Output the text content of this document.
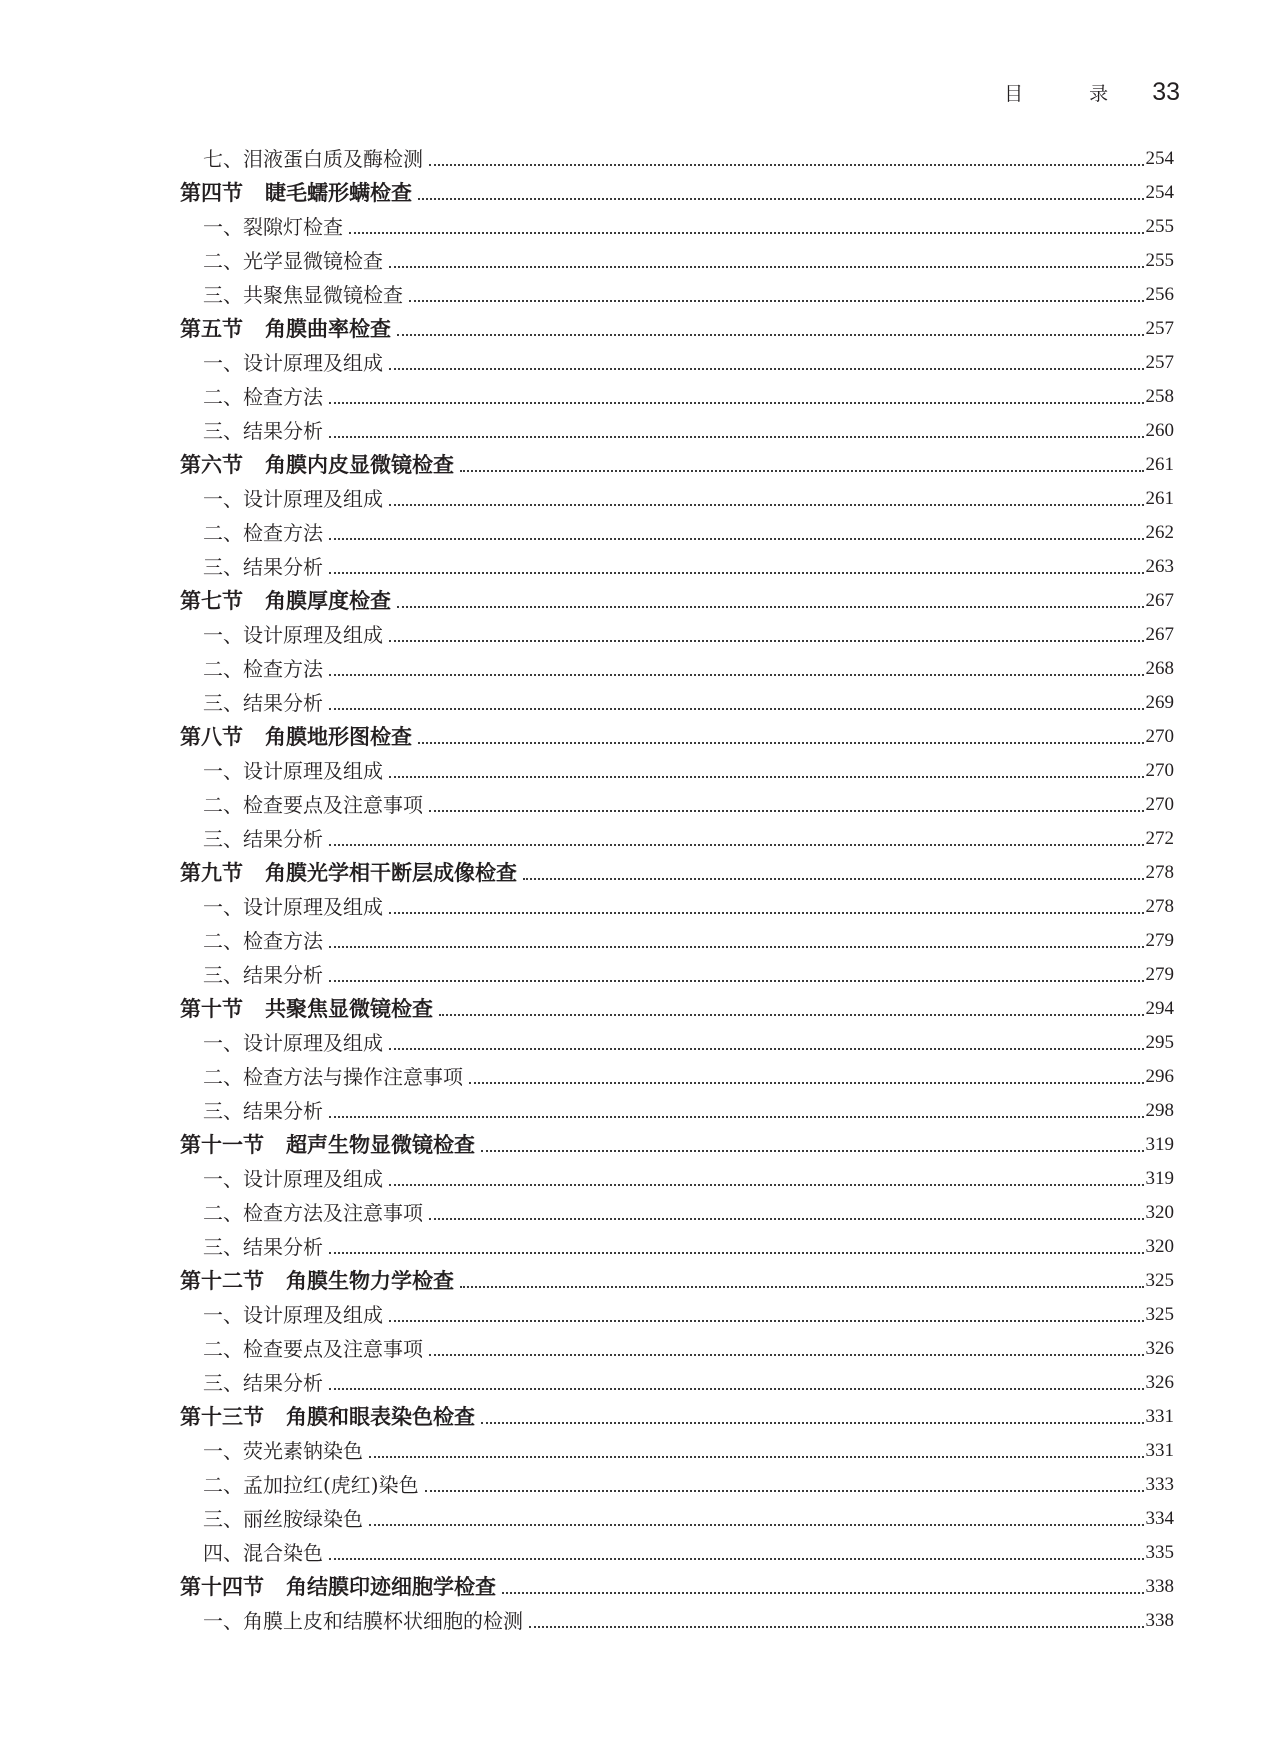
目 录 33
七、泪液蛋白质及酶检测	254
第四节 睫毛蠕形螨检查	254
一、裂隙灯检查	255
二、光学显微镜检查	255
三、共聚焦显微镜检查	256
第五节 角膜曲率检查	257
一、设计原理及组成	257
二、检查方法	258
三、结果分析	260
第六节 角膜内皮显微镜检查	261
一、设计原理及组成	261
二、检查方法	262
三、结果分析	263
第七节 角膜厚度检查	267
一、设计原理及组成	267
二、检查方法	268
三、结果分析	269
第八节 角膜地形图检查	270
一、设计原理及组成	270
二、检查要点及注意事项	270
三、结果分析	272
第九节 角膜光学相干断层成像检查	278
一、设计原理及组成	278
二、检查方法	279
三、结果分析	279
第十节 共聚焦显微镜检查	294
一、设计原理及组成	295
二、检查方法与操作注意事项	296
三、结果分析	298
第十一节 超声生物显微镜检查	319
一、设计原理及组成	319
二、检查方法及注意事项	320
三、结果分析	320
第十二节 角膜生物力学检查	325
一、设计原理及组成	325
二、检查要点及注意事项	326
三、结果分析	326
第十三节 角膜和眼表染色检查	331
一、荧光素钠染色	331
二、孟加拉红(虎红)染色	333
三、丽丝胺绿染色	334
四、混合染色	335
第十四节 角结膜印迹细胞学检查	338
一、角膜上皮和结膜杯状细胞的检测	338
